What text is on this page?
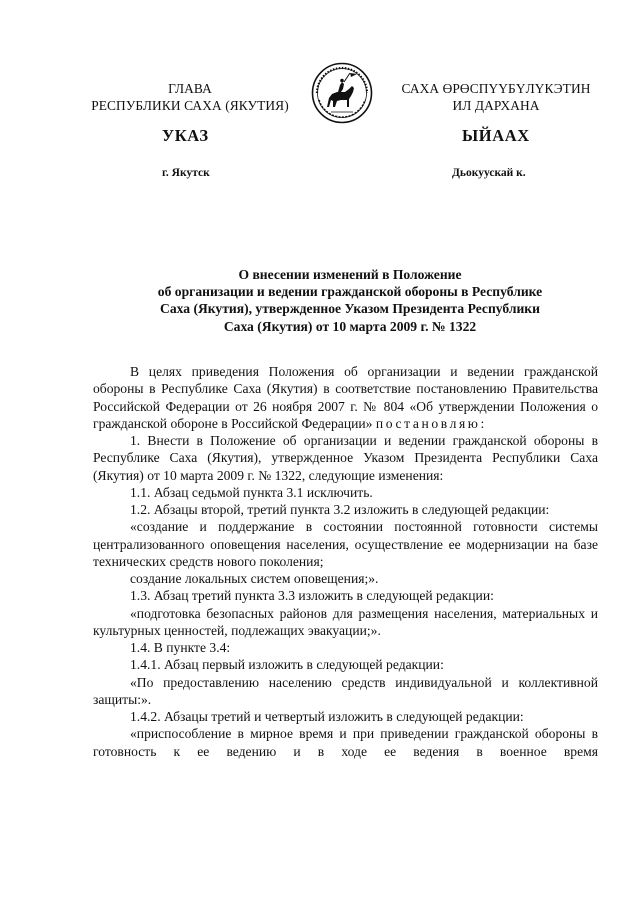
ГЛАВА
РЕСПУБЛИКИ САХА (ЯКУТИЯ)
САХА ӨРӨСПҮҮБҮЛҮКЭТИН
ИЛ ДАРХАНА
УКАЗ	ЫЙААХ
г. Якутск	Дьокуускай к.
О внесении изменений в Положение
об организации и ведении гражданской обороны в Республике
Саха (Якутия), утвержденное Указом Президента Республики
Саха (Якутия) от 10 марта 2009 г. № 1322

В целях приведения Положения об организации и ведении гражданской обороны в Республике Саха (Якутия) в соответствие постановлению Правительства Российской Федерации от 26 ноября 2007 г. № 804 «Об утверждении Положения о гражданской обороне в Российской Федерации» постановляю:

1. Внести в Положение об организации и ведении гражданской обороны в Республике Саха (Якутия), утвержденное Указом Президента Республики Саха (Якутия) от 10 марта 2009 г. № 1322, следующие изменения:

1.1. Абзац седьмой пункта 3.1 исключить.

1.2. Абзацы второй, третий пункта 3.2 изложить в следующей редакции:

«создание и поддержание в состоянии постоянной готовности системы централизованного оповещения населения, осуществление ее модернизации на базе технических средств нового поколения;

создание локальных систем оповещения;».

1.3. Абзац третий пункта 3.3 изложить в следующей редакции:

«подготовка безопасных районов для размещения населения, материальных и культурных ценностей, подлежащих эвакуации;».

1.4. В пункте 3.4:

1.4.1. Абзац первый изложить в следующей редакции:

«По предоставлению населению средств индивидуальной и коллективной защиты:».

1.4.2. Абзацы третий и четвертый изложить в следующей редакции:

«приспособление в мирное время и при приведении гражданской обороны в готовность к ее ведению и в ходе ее ведения в военное время
